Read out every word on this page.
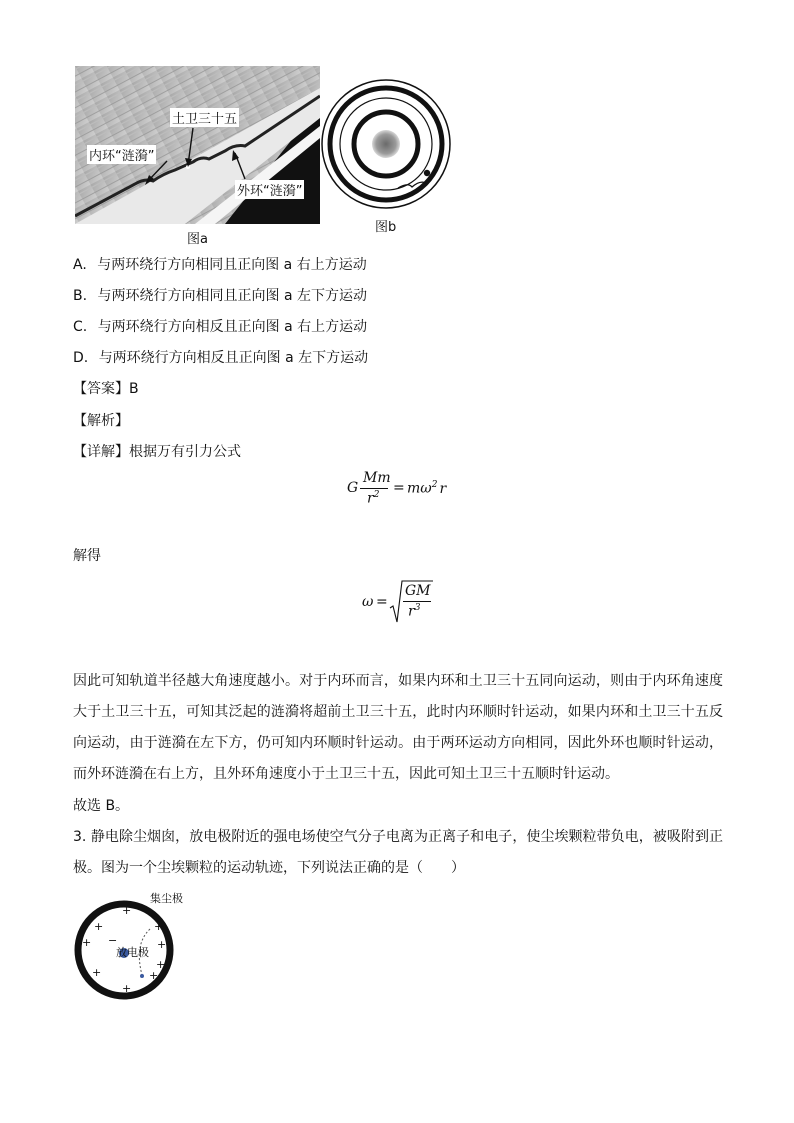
土卫三十五
内环“涟漪”
外环“涟漪”
图a
图b
A. 与两环绕行方向相同且正向图 a 右上方运动
B. 与两环绕行方向相同且正向图 a 左下方运动
C. 与两环绕行方向相反且正向图 a 右上方运动
D. 与两环绕行方向相反且正向图 a 左下方运动
【答案】B
【解析】
【详解】根据万有引力公式
G
Mm
$r^2 = m\omega^2$ r
解得
ω =
GM
$r^3$
因此可知轨道半径越大角速度越小。对于内环而言，如果内环和土卫三十五同向运动，则由于内环角速度大于土卫三十五，可知其泛起的涟漪将超前土卫三十五，此时内环顺时针运动，如果内环和土卫三十五反向运动，由于涟漪在左下方，仍可知内环顺时针运动。由于两环运动方向相同，因此外环也顺时针运动，而外环涟漪在右上方，且外环角速度小于土卫三十五，因此可知土卫三十五顺时针运动。
故选 B。
3. 静电除尘烟囱，放电极附近的强电场使空气分子电离为正离子和电子，使尘埃颗粒带负电，被吸附到正极。图为一个尘埃颗粒的运动轨迹，下列说法正确的是（　　）
集尘极
放电极
+
+	+
+	+
+
+	+
+
−
